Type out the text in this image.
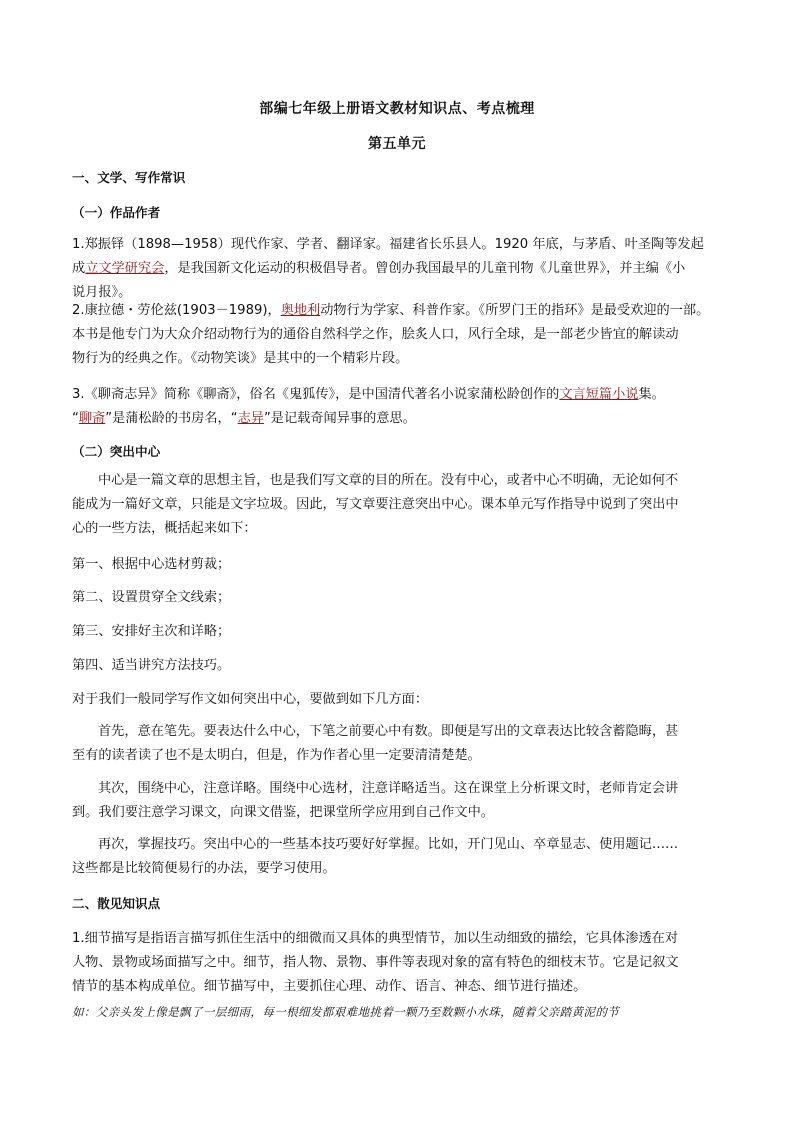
部编七年级上册语文教材知识点、考点梳理
第五单元
一、文学、写作常识
（一）作品作者
1.郑振铎（1898—1958）现代作家、学者、翻译家。福建省长乐县人。1920 年底，与茅盾、叶圣陶等发起
成立文学研究会，是我国新文化运动的积极倡导者。曾创办我国最早的儿童刊物《儿童世界》，并主编《小
说月报》。
2.康拉德・劳伦兹(1903－1989)，奥地利动物行为学家、科普作家。《所罗门王的指环》是最受欢迎的一部。
本书是他专门为大众介绍动物行为的通俗自然科学之作，脍炙人口，风行全球，是一部老少皆宜的解读动
物行为的经典之作。《动物笑谈》是其中的一个精彩片段。
3.《聊斋志异》简称《聊斋》，俗名《鬼狐传》，是中国清代著名小说家蒲松龄创作的文言短篇小说集。
“聊斋”是蒲松龄的书房名，“志异”是记载奇闻异事的意思。
（二）突出中心
中心是一篇文章的思想主旨，也是我们写文章的目的所在。没有中心，或者中心不明确，无论如何不
能成为一篇好文章，只能是文字垃圾。因此，写文章要注意突出中心。课本单元写作指导中说到了突出中
心的一些方法，概括起来如下：
第一、根据中心选材剪裁；
第二、设置贯穿全文线索；
第三、安排好主次和详略；
第四、适当讲究方法技巧。
对于我们一般同学写作文如何突出中心，要做到如下几方面：
首先，意在笔先。要表达什么中心，下笔之前要心中有数。即便是写出的文章表达比较含蓄隐晦，甚
至有的读者读了也不是太明白，但是，作为作者心里一定要清清楚楚。
其次，围绕中心，注意详略。围绕中心选材，注意详略适当。这在课堂上分析课文时，老师肯定会讲
到。我们要注意学习课文，向课文借鉴，把课堂所学应用到自己作文中。
再次，掌握技巧。突出中心的一些基本技巧要好好掌握。比如，开门见山、卒章显志、使用题记……
这些都是比较简便易行的办法，要学习使用。
二、散见知识点
1.细节描写是指语言描写抓住生活中的细微而又具体的典型情节，加以生动细致的描绘，它具体渗透在对
人物、景物或场面描写之中。细节，指人物、景物、事件等表现对象的富有特色的细枝末节。它是记叙文
情节的基本构成单位。细节描写中，主要抓住心理、动作、语言、神态、细节进行描述。
如：父亲头发上像是飘了一层细雨，每一根细发都艰难地挑着一颗乃至数颗小水珠，随着父亲踏黄泥的节
